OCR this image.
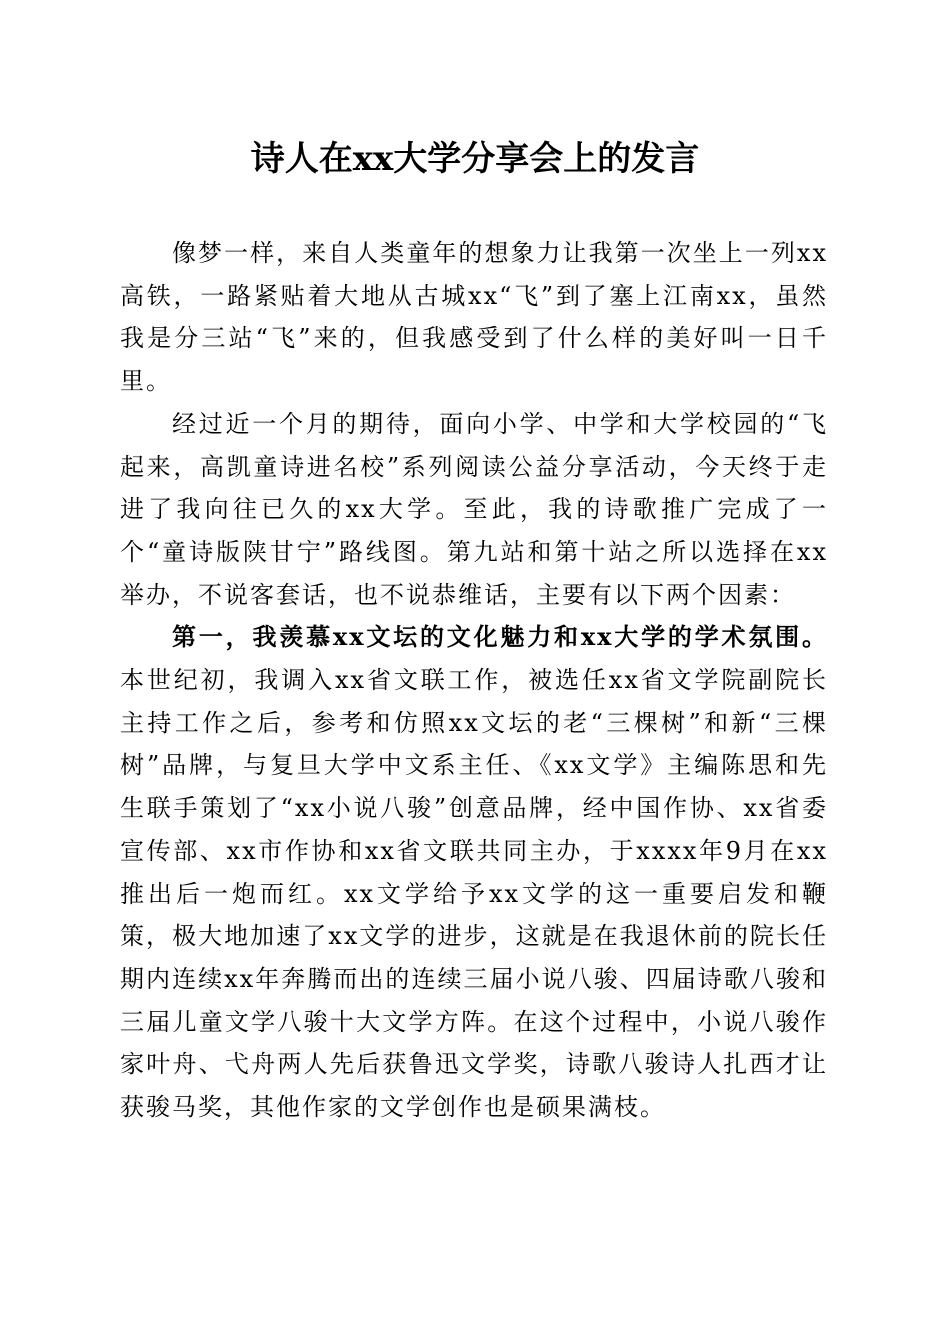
诗人在xx大学分享会上的发言

像梦一样，来自人类童年的想象力让我第一次坐上一列xx高铁，一路紧贴着大地从古城xx“飞”到了塞上江南xx，虽然我是分三站“飞”来的，但我感受到了什么样的美好叫一日千里。

经过近一个月的期待，面向小学、中学和大学校园的“飞起来，高凯童诗进名校”系列阅读公益分享活动，今天终于走进了我向往已久的xx大学。至此，我的诗歌推广完成了一个“童诗版陕甘宁”路线图。第九站和第十站之所以选择在xx举办，不说客套话，也不说恭维话，主要有以下两个因素：

第一，我羡慕xx文坛的文化魅力和xx大学的学术氛围。本世纪初，我调入xx省文联工作，被选任xx省文学院副院长主持工作之后，参考和仿照xx文坛的老“三棵树”和新“三棵树”品牌，与复旦大学中文系主任、《xx文学》主编陈思和先生联手策划了“xx小说八骏”创意品牌，经中国作协、xx省委宣传部、xx市作协和xx省文联共同主办，于xxxx年9月在xx推出后一炮而红。xx文学给予xx文学的这一重要启发和鞭策，极大地加速了xx文学的进步，这就是在我退休前的院长任期内连续xx年奔腾而出的连续三届小说八骏、四届诗歌八骏和三届儿童文学八骏十大文学方阵。在这个过程中，小说八骏作家叶舟、弋舟两人先后获鲁迅文学奖，诗歌八骏诗人扎西才让获骏马奖，其他作家的文学创作也是硕果满枝。
